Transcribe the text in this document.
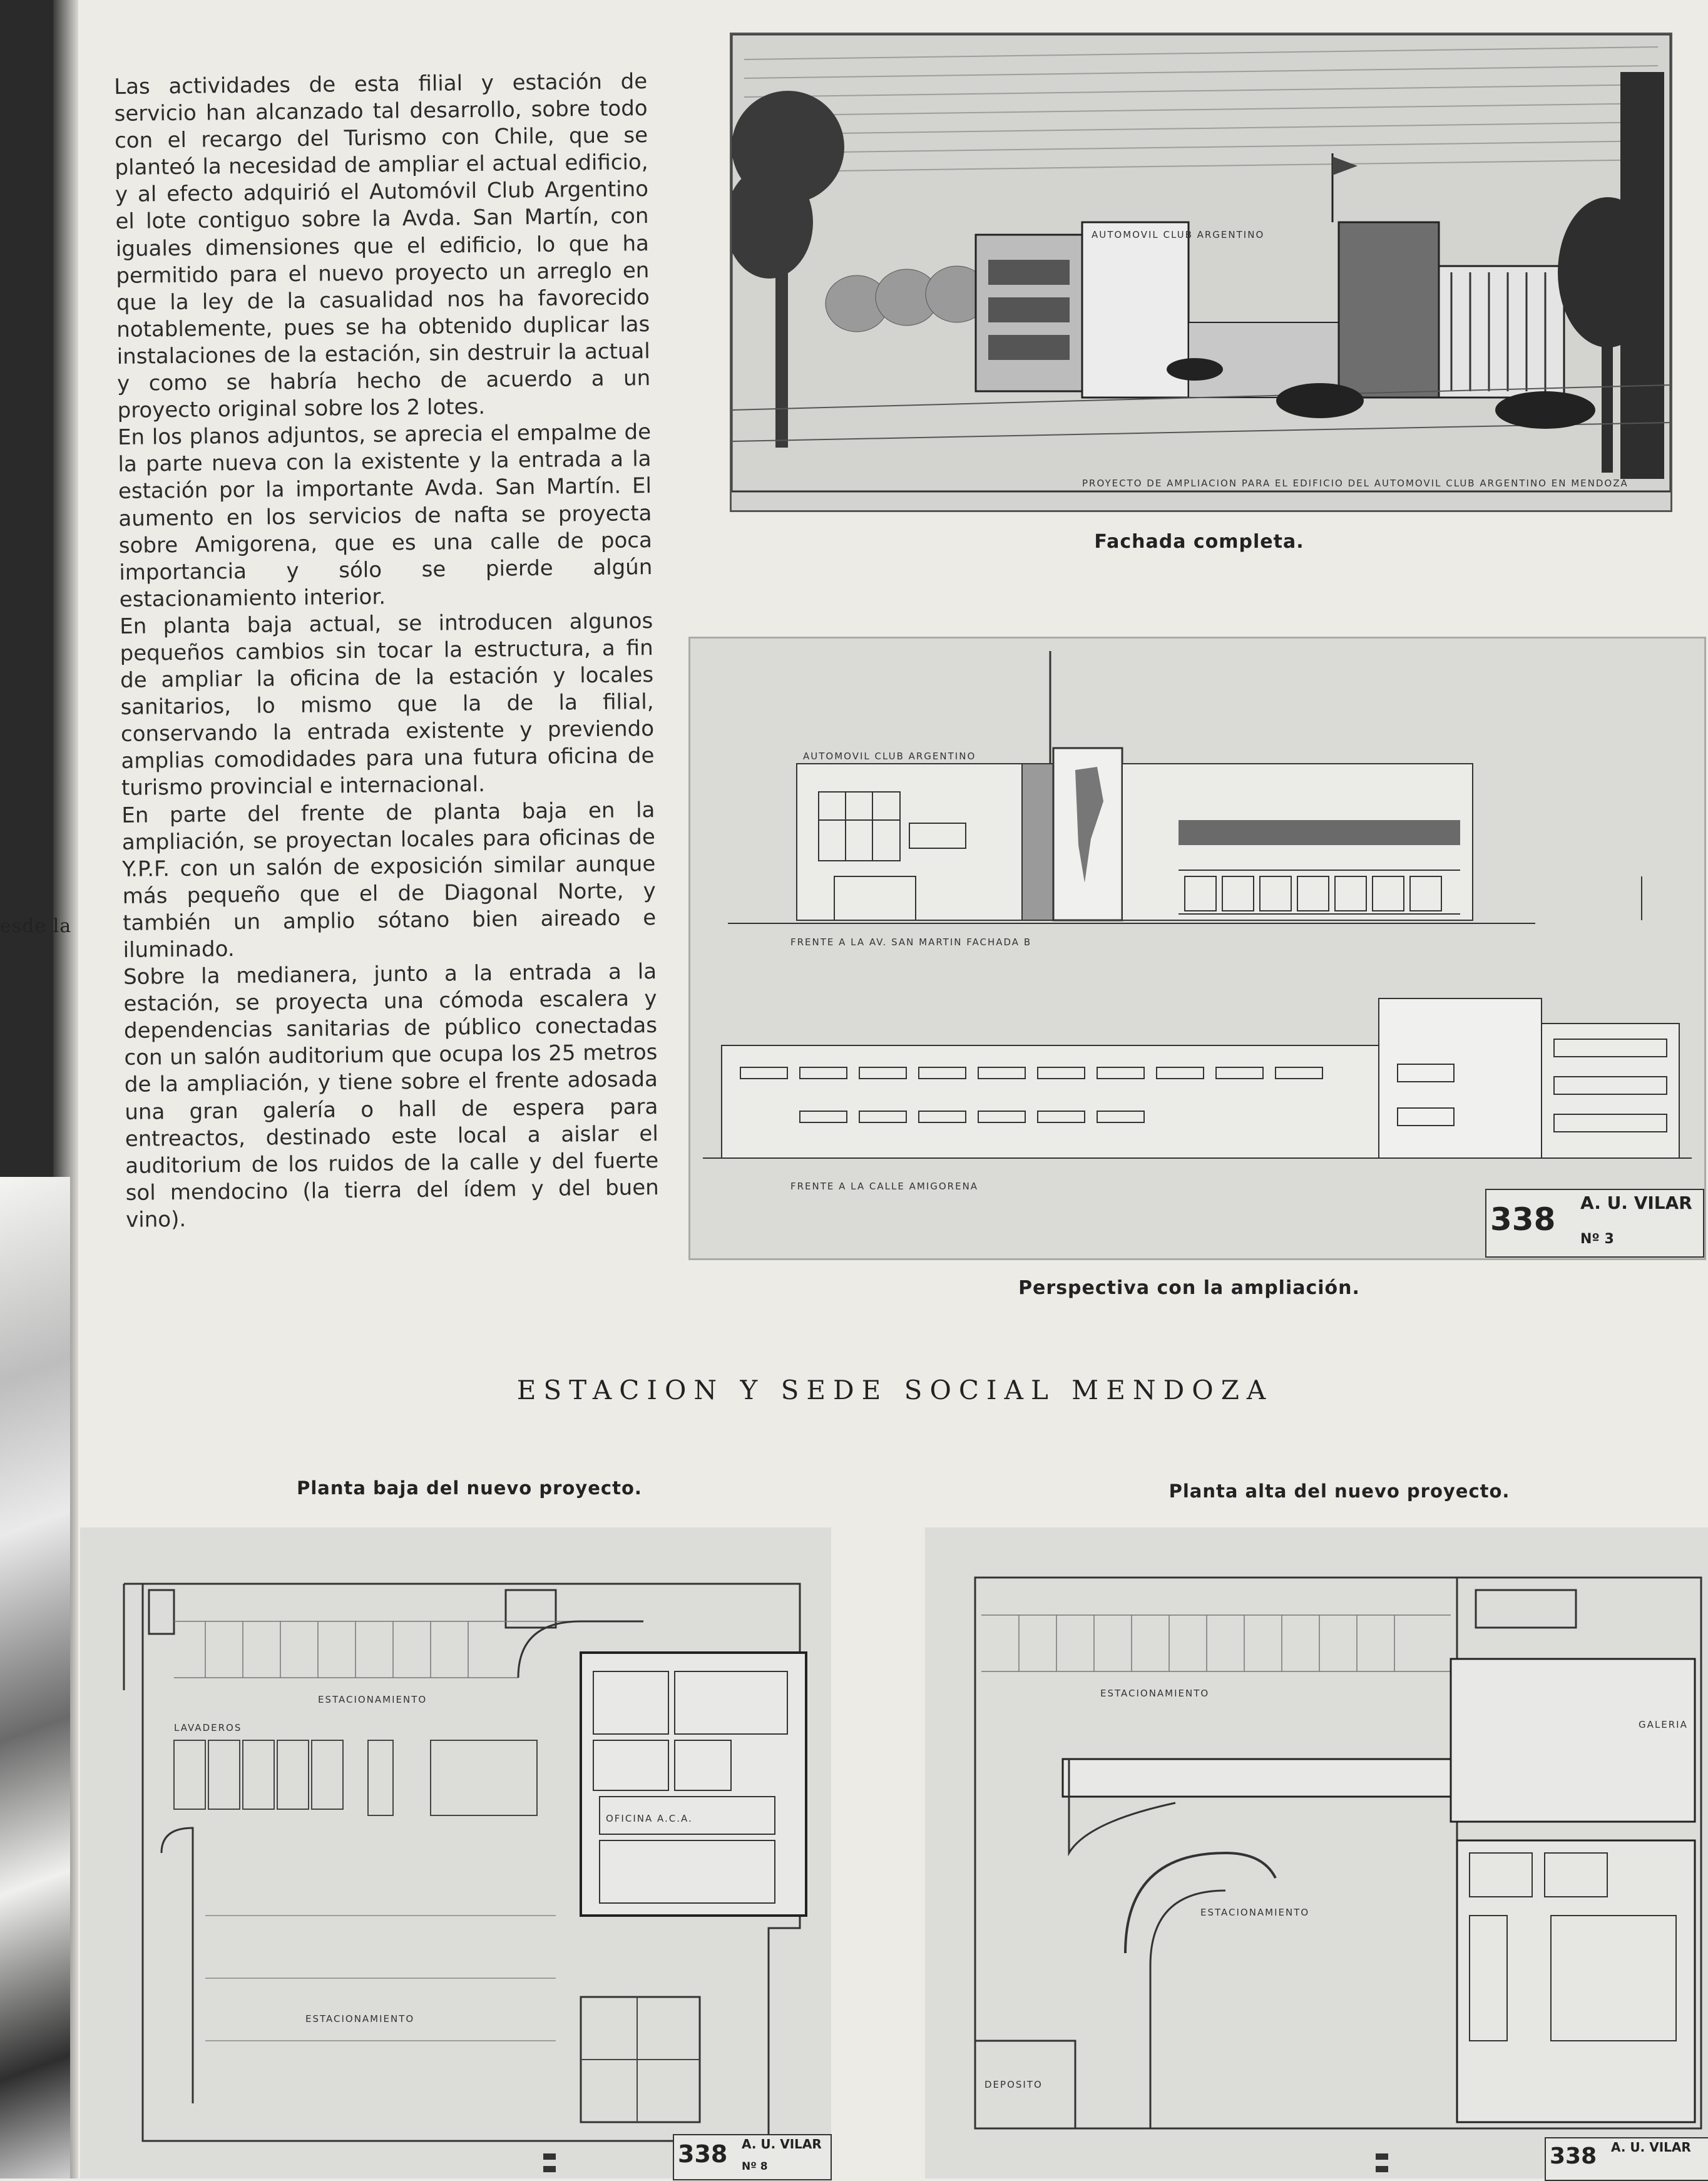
esde la

Las actividades de esta filial y estación de servicio han alcanzado tal desarrollo, sobre todo con el recargo del Turismo con Chile, que se planteó la necesidad de ampliar el actual edificio, y al efecto adquirió el Automóvil Club Argentino el lote contiguo sobre la Avda. San Martín, con iguales dimensiones que el edificio, lo que ha permitido para el nuevo proyecto un arreglo en que la ley de la casualidad nos ha favorecido notablemente, pues se ha obtenido duplicar las instalaciones de la estación, sin destruir la actual y como se habría hecho de acuerdo a un proyecto original sobre los 2 lotes.

En los planos adjuntos, se aprecia el empalme de la parte nueva con la existente y la entrada a la estación por la importante Avda. San Martín. El aumento en los servicios de nafta se proyecta sobre Amigorena, que es una calle de poca importancia y sólo se pierde algún estacionamiento interior.

En planta baja actual, se introducen algunos pequeños cambios sin tocar la estructura, a fin de ampliar la oficina de la estación y locales sanitarios, lo mismo que la de la filial, conservando la entrada existente y previendo amplias comodidades para una futura oficina de turismo provincial e internacional.

En parte del frente de planta baja en la ampliación, se proyectan locales para oficinas de Y.P.F. con un salón de exposición similar aunque más pequeño que el de Diagonal Norte, y también un amplio sótano bien aireado e iluminado.

Sobre la medianera, junto a la entrada a la estación, se proyecta una cómoda escalera y dependencias sanitarias de público conectadas con un salón auditorium que ocupa los 25 metros de la ampliación, y tiene sobre el frente adosada una gran galería o hall de espera para entreactos, destinado este local a aislar el auditorium de los ruidos de la calle y del fuerte sol mendocino (la tierra del ídem y del buen vino).

AUTOMOVIL CLUB ARGENTINO
PROYECTO DE AMPLIACION PARA EL EDIFICIO DEL AUTOMOVIL CLUB ARGENTINO EN MENDOZA
Fachada completa.
AUTOMOVIL CLUB ARGENTINO
FRENTE A LA AV. SAN MARTIN FACHADA B
FRENTE A LA CALLE AMIGORENA
338 A. U. VILAR
Nº 3
Perspectiva con la ampliación.
ESTACION Y SEDE SOCIAL MENDOZA
Planta baja del nuevo proyecto.	Planta alta del nuevo proyecto.
ESTACIONAMIENTO
OFICINA A.C.A.
LAVADEROS
ESTACIONAMIENTO
338 A. U. VILAR
Nº 8
ESTACIONAMIENTO
ESTACIONAMIENTO
GALERIA
DEPOSITO
338 A. U. VILAR
